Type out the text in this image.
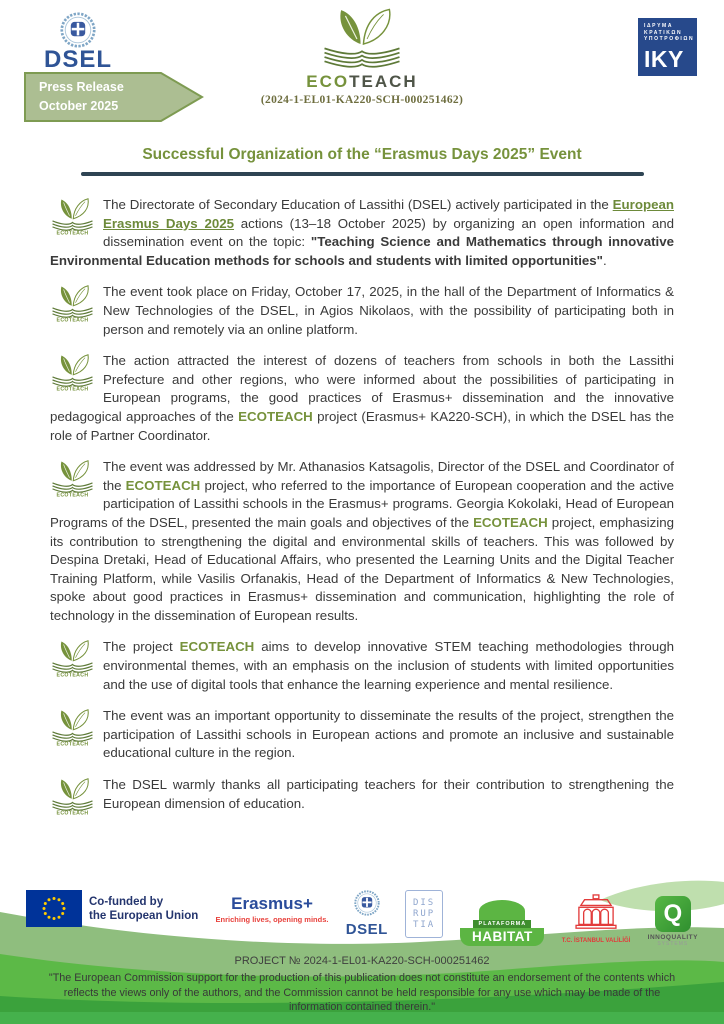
DSEL
Press Release
October 2025
ECOTEACH
(2024-1-EL01-KA220-SCH-000251462)
ΙΔΡΥΜΑ
ΚΡΑΤΙΚΩΝ
ΥΠΟΤΡΟΦΙΩΝ
IKY
Successful Organization of the “Erasmus Days 2025” Event
ECOTEACH
The Directorate of Secondary Education of Lassithi (DSEL) actively participated in the European Erasmus Days 2025 actions (13–18 October 2025) by organizing an open information and dissemination event on the topic: "Teaching Science and Mathematics through innovative Environmental Education methods for schools and students with limited opportunities".
ECOTEACH
The event took place on Friday, October 17, 2025, in the hall of the Department of Informatics & New Technologies of the DSEL, in Agios Nikolaos, with the possibility of participating both in person and remotely via an online platform.
ECOTEACH
The action attracted the interest of dozens of teachers from schools in both the Lassithi Prefecture and other regions, who were informed about the possibilities of participating in European programs, the good practices of Erasmus+ dissemination and the innovative pedagogical approaches of the ECOTEACH project (Erasmus+ KA220-SCH), in which the DSEL has the role of Partner Coordinator.
ECOTEACH
The event was addressed by Mr. Athanasios Katsagolis, Director of the DSEL and Coordinator of the ECOTEACH project, who referred to the importance of European cooperation and the active participation of Lassithi schools in the Erasmus+ programs. Georgia Kokolaki, Head of European Programs of the DSEL, presented the main goals and objectives of the ECOTEACH project, emphasizing its contribution to strengthening the digital and environmental skills of teachers. This was followed by Despina Dretaki, Head of Educational Affairs, who presented the Learning Units and the Digital Teacher Training Platform, while Vasilis Orfanakis, Head of the Department of Informatics & New Technologies, spoke about good practices in Erasmus+ dissemination and communication, highlighting the role of technology in the dissemination of European results.
ECOTEACH
The project ECOTEACH aims to develop innovative STEM teaching methodologies through environmental themes, with an emphasis on the inclusion of students with limited opportunities and the use of digital tools that enhance the learning experience and mental resilience.
ECOTEACH
The event was an important opportunity to disseminate the results of the project, strengthen the participation of Lassithi schools in European actions and promote an inclusive and sustainable educational culture in the region.
ECOTEACH
The DSEL warmly thanks all participating teachers for their contribution to strengthening the European dimension of education.
Co-funded by
the European Union
Erasmus+
Enriching lives, opening minds.
DSEL
DIS
RUP
TIA	PLATAFORMA
HABITAT	T.C. İSTANBUL VALİLİĞİ
Q
INNOQUALITY
SYSTEMS
PROJECT № 2024-1-EL01-KA220-SCH-000251462
"The European Commission support for the production of this publication does not constitute an endorsement of the contents which reflects the views only of the authors, and the Commission cannot be held responsible for any use which may be made of the information contained therein."
